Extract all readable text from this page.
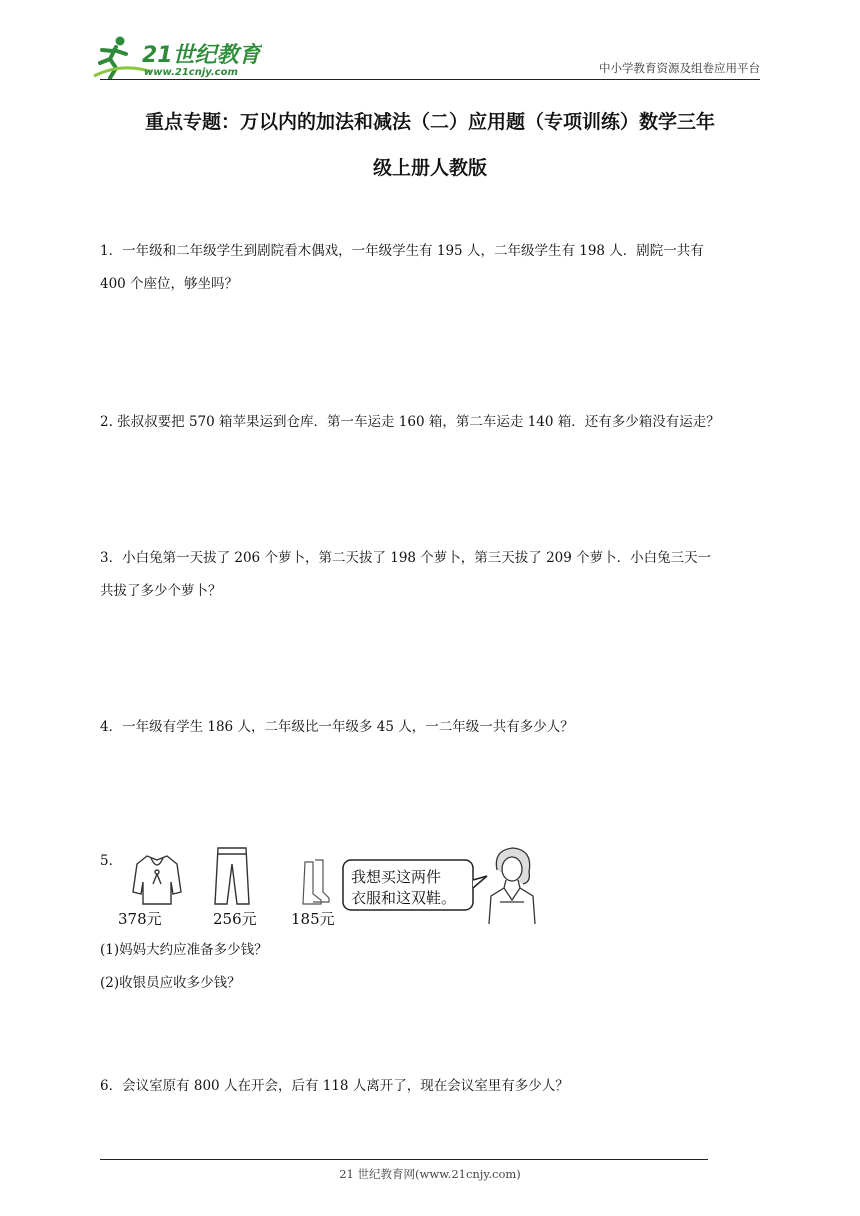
21世纪教育
www.21cnjy.com	中小学教育资源及组卷应用平台
重点专题：万以内的加法和减法（二）应用题（专项训练）数学三年
级上册人教版
1．一年级和二年级学生到剧院看木偶戏，一年级学生有 195 人，二年级学生有 198 人．剧院一共有
400 个座位，够坐吗？
2. 张叔叔要把 570 箱苹果运到仓库．第一车运走 160 箱，第二车运走 140 箱．还有多少箱没有运走？
3．小白兔第一天拔了 206 个萝卜，第二天拔了 198 个萝卜，第三天拔了 209 个萝卜．小白兔三天一
共拔了多少个萝卜？
4．一年级有学生 186 人，二年级比一年级多 45 人，一二年级一共有多少人？
5．
378元	256元 185元
我想买这两件
衣服和这双鞋。
(1)妈妈大约应准备多少钱？
(2)收银员应收多少钱？
6．会议室原有 800 人在开会，后有 118 人离开了，现在会议室里有多少人？
21 世纪教育网(www.21cnjy.com)
